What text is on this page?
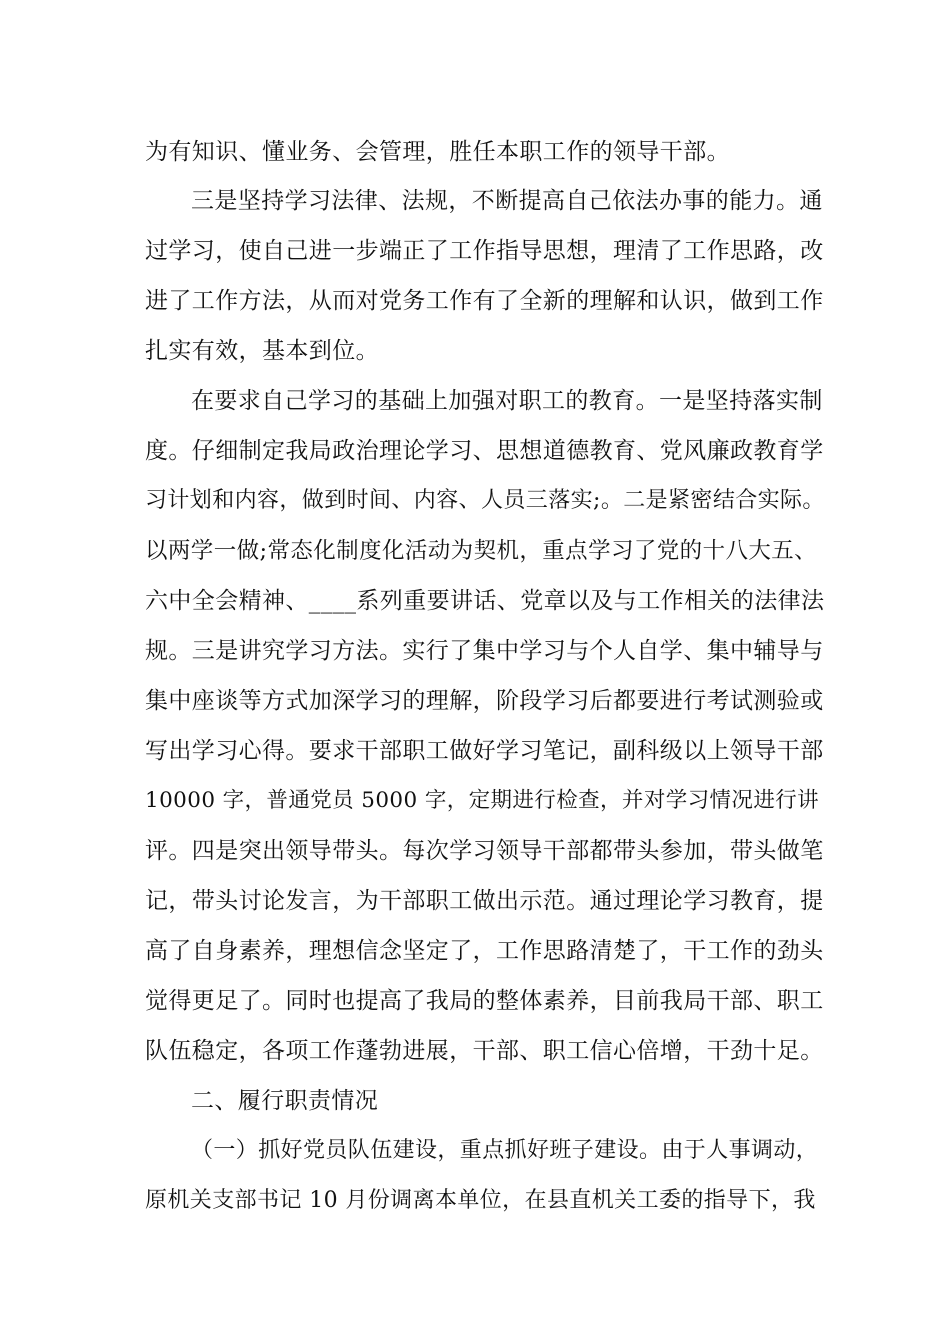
为有知识、懂业务、会管理，胜任本职工作的领导干部。
三是坚持学习法律、法规，不断提高自己依法办事的能力。通
过学习，使自己进一步端正了工作指导思想，理清了工作思路，改
进了工作方法，从而对党务工作有了全新的理解和认识，做到工作
扎实有效，基本到位。
在要求自己学习的基础上加强对职工的教育。一是坚持落实制
度。仔细制定我局政治理论学习、思想道德教育、党风廉政教育学
习计划和内容，做到时间、内容、人员三落实;。二是紧密结合实际。
以两学一做;常态化制度化活动为契机，重点学习了党的十八大五、
六中全会精神、____系列重要讲话、党章以及与工作相关的法律法
规。三是讲究学习方法。实行了集中学习与个人自学、集中辅导与
集中座谈等方式加深学习的理解，阶段学习后都要进行考试测验或
写出学习心得。要求干部职工做好学习笔记，副科级以上领导干部
10000 字，普通党员 5000 字，定期进行检查，并对学习情况进行讲
评。四是突出领导带头。每次学习领导干部都带头参加，带头做笔
记，带头讨论发言，为干部职工做出示范。通过理论学习教育，提
高了自身素养，理想信念坚定了，工作思路清楚了，干工作的劲头
觉得更足了。同时也提高了我局的整体素养，目前我局干部、职工
队伍稳定，各项工作蓬勃进展，干部、职工信心倍增，干劲十足。
二、履行职责情况
（一）抓好党员队伍建设，重点抓好班子建设。由于人事调动，
原机关支部书记 10 月份调离本单位，在县直机关工委的指导下，我
